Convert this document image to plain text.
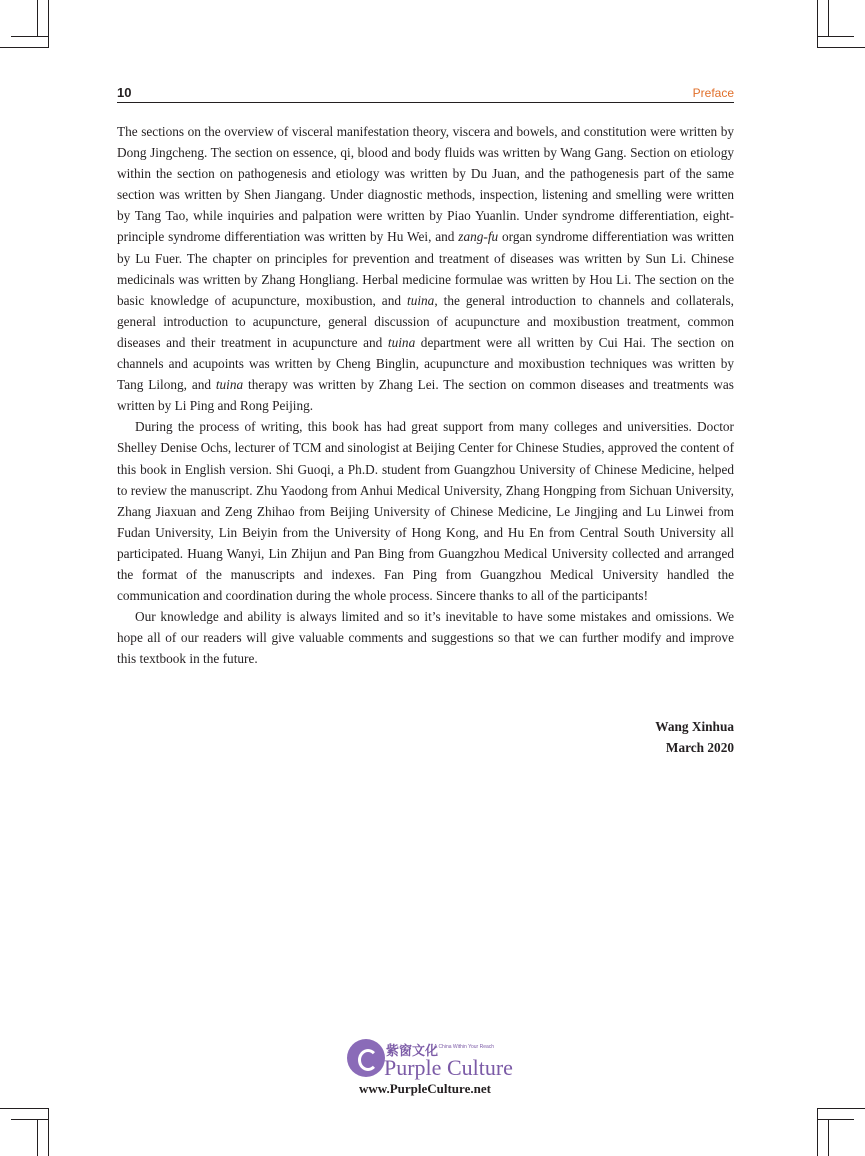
10	Preface

The sections on the overview of visceral manifestation theory, viscera and bowels, and constitution were written by Dong Jingcheng. The section on essence, qi, blood and body fluids was written by Wang Gang. Section on etiology within the section on pathogenesis and etiology was written by Du Juan, and the pathogenesis part of the same section was written by Shen Jiangang. Under diagnostic methods, inspection, listening and smelling were written by Tang Tao, while inquiries and palpation were written by Piao Yuanlin. Under syndrome differentiation, eight-principle syndrome differentiation was written by Hu Wei, and zang-fu organ syndrome differentiation was written by Lu Fuer. The chapter on principles for prevention and treatment of diseases was written by Sun Li. Chinese medicinals was written by Zhang Hongliang. Herbal medicine formulae was written by Hou Li. The section on the basic knowledge of acupuncture, moxibustion, and tuina, the general introduction to channels and collaterals, general introduction to acupuncture, general discussion of acupuncture and moxibustion treatment, common diseases and their treatment in acupuncture and tuina department were all written by Cui Hai. The section on channels and acupoints was written by Cheng Binglin, acupuncture and moxibustion techniques was written by Tang Lilong, and tuina therapy was written by Zhang Lei. The section on common diseases and treatments was written by Li Ping and Rong Peijing.

During the process of writing, this book has had great support from many colleges and universities. Doctor Shelley Denise Ochs, lecturer of TCM and sinologist at Beijing Center for Chinese Studies, approved the content of this book in English version. Shi Guoqi, a Ph.D. student from Guangzhou University of Chinese Medicine, helped to review the manuscript. Zhu Yaodong from Anhui Medical University, Zhang Hongping from Sichuan University, Zhang Jiaxuan and Zeng Zhihao from Beijing University of Chinese Medicine, Le Jingjing and Lu Linwei from Fudan University, Lin Beiyin from the University of Hong Kong, and Hu En from Central South University all participated. Huang Wanyi, Lin Zhijun and Pan Bing from Guangzhou Medical University collected and arranged the format of the manuscripts and indexes. Fan Ping from Guangzhou Medical University handled the communication and coordination during the whole process. Sincere thanks to all of the participants!

Our knowledge and ability is always limited and so it’s inevitable to have some mistakes and omissions. We hope all of our readers will give valuable comments and suggestions so that we can further modify and improve this textbook in the future.

Wang Xinhua
March 2020
紫窗文化
A China Within Your Reach
Purple Culture
www.PurpleCulture.net
